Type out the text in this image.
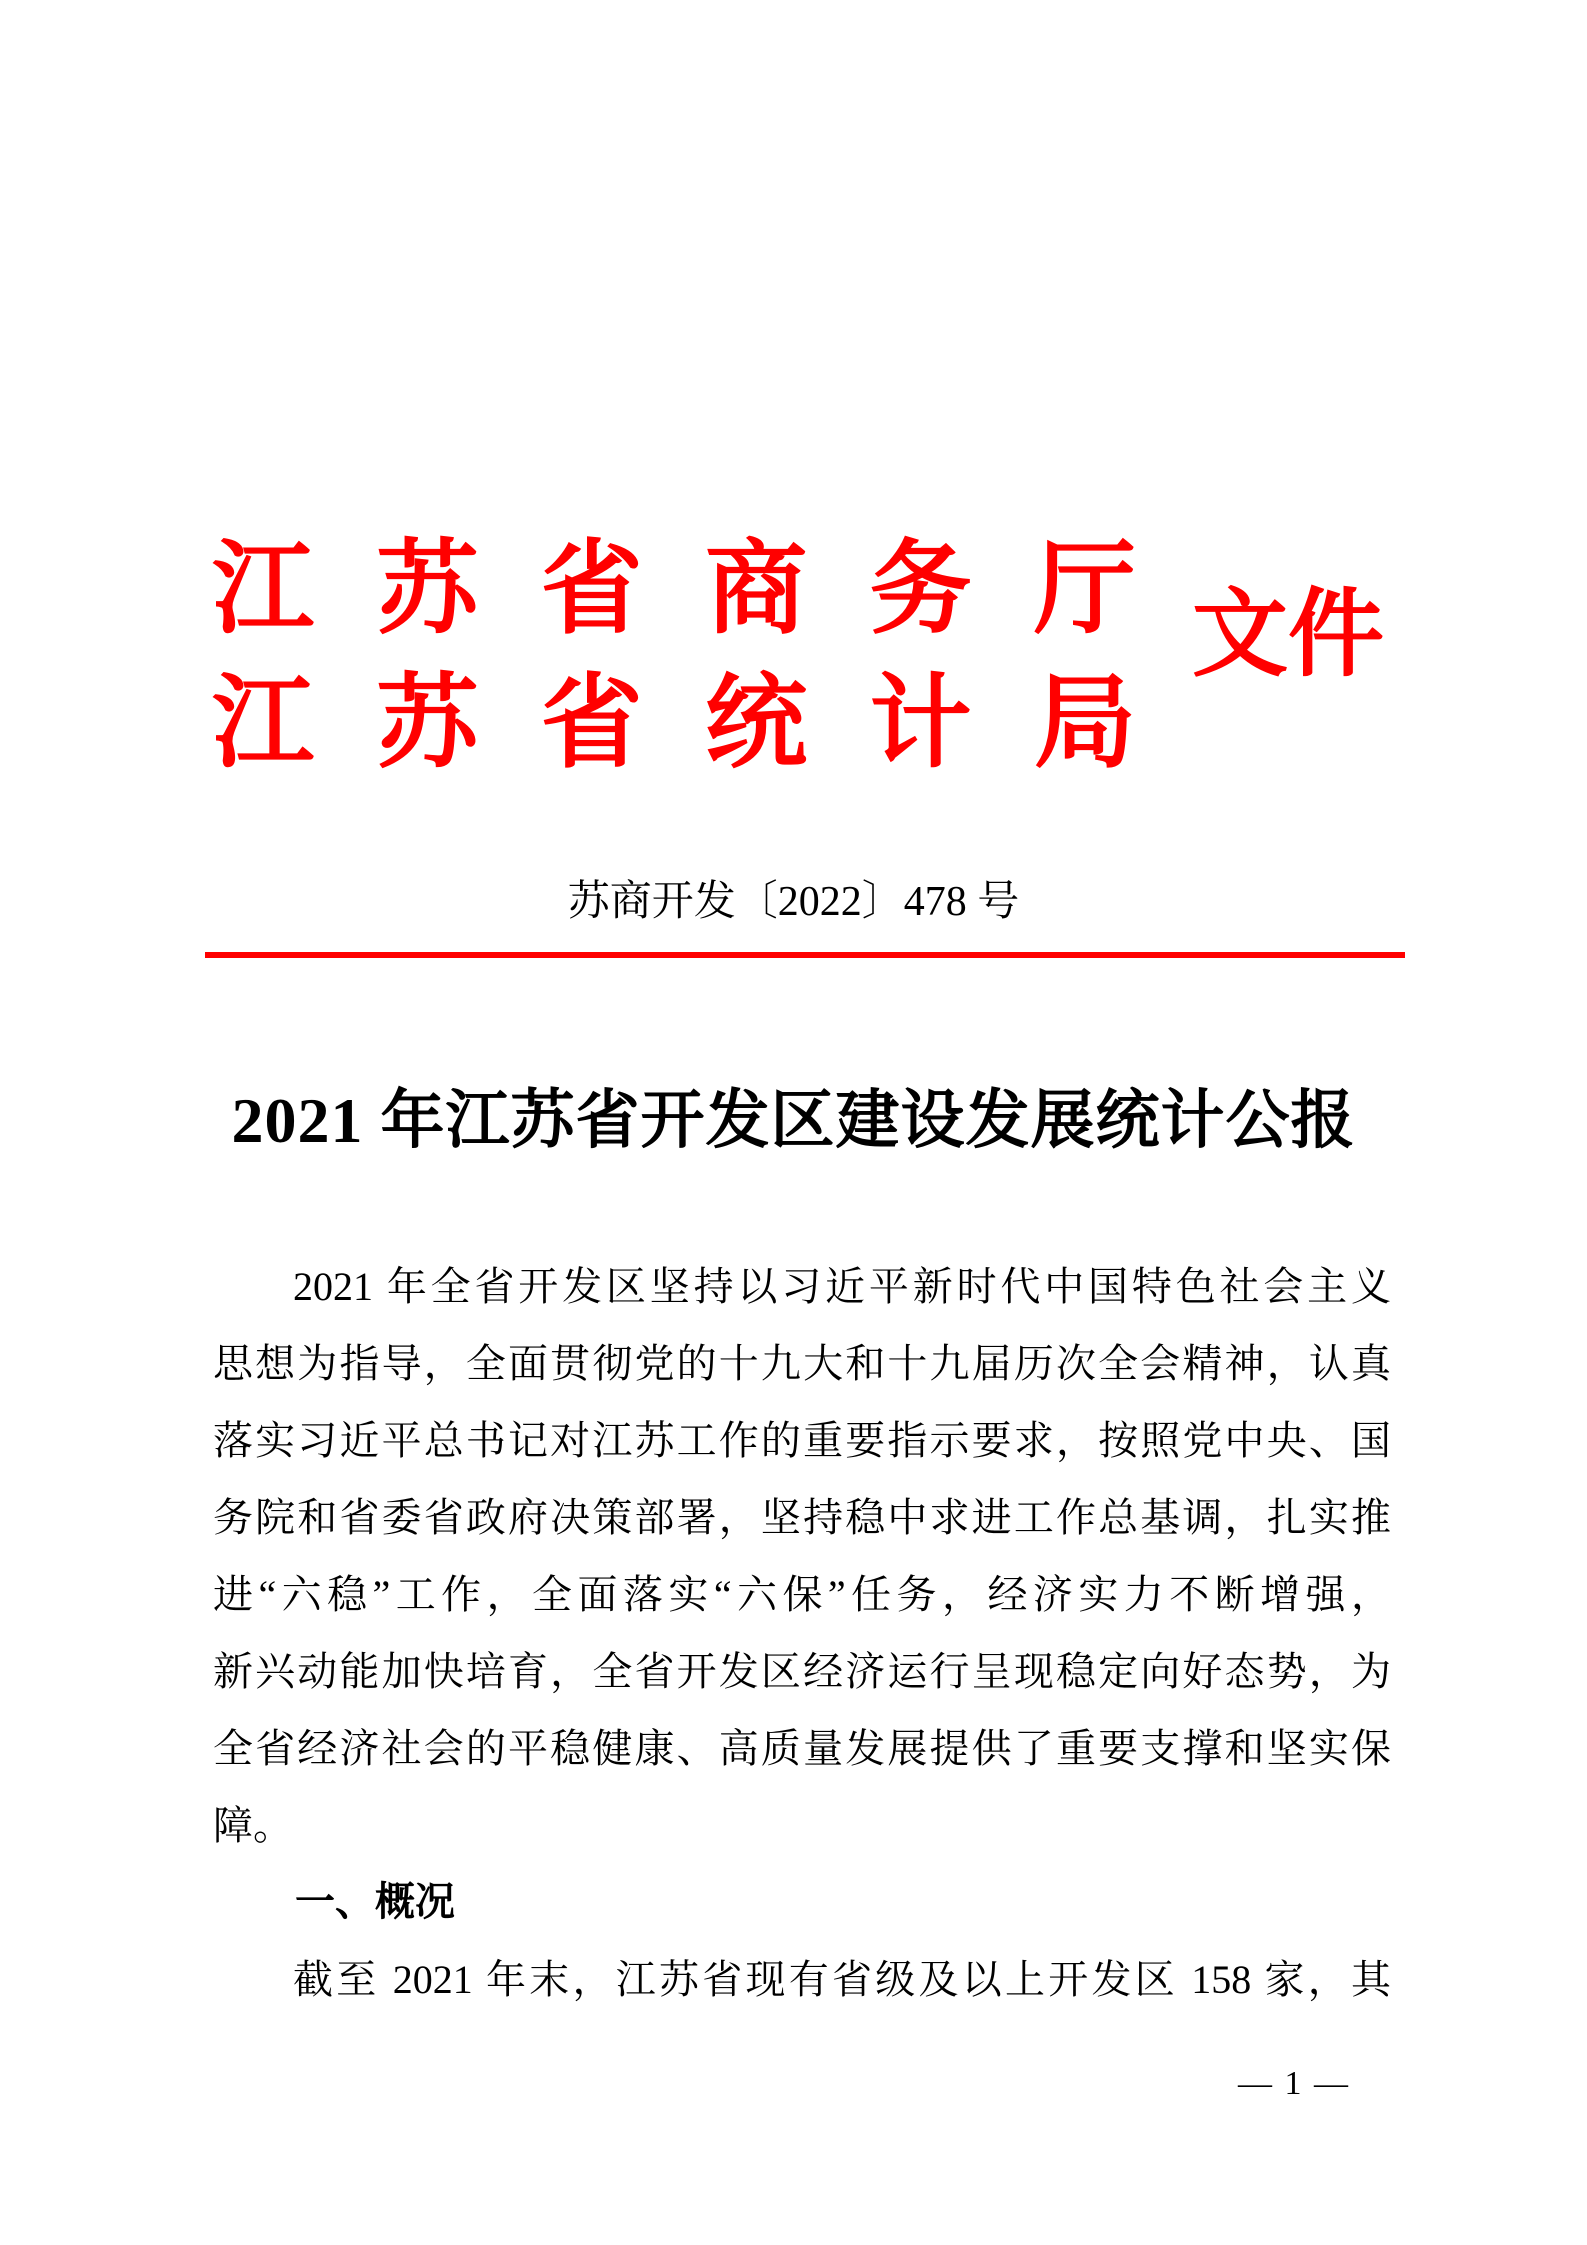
江 苏 省 商 务 厅
江 苏 省 统 计 局
文件
苏商开发〔2022〕478 号
2021 年江苏省开发区建设发展统计公报
2021 年全省开发区坚持以习近平新时代中国特色社会主义
思想为指导，全面贯彻党的十九大和十九届历次全会精神，认真
落实习近平总书记对江苏工作的重要指示要求，按照党中央、国
务院和省委省政府决策部署，坚持稳中求进工作总基调，扎实推
进“六稳”工作，全面落实“六保”任务，经济实力不断增强，
新兴动能加快培育，全省开发区经济运行呈现稳定向好态势，为
全省经济社会的平稳健康、高质量发展提供了重要支撑和坚实保
障。
一、概况
截至 2021 年末，江苏省现有省级及以上开发区 158 家，其
— 1 —
